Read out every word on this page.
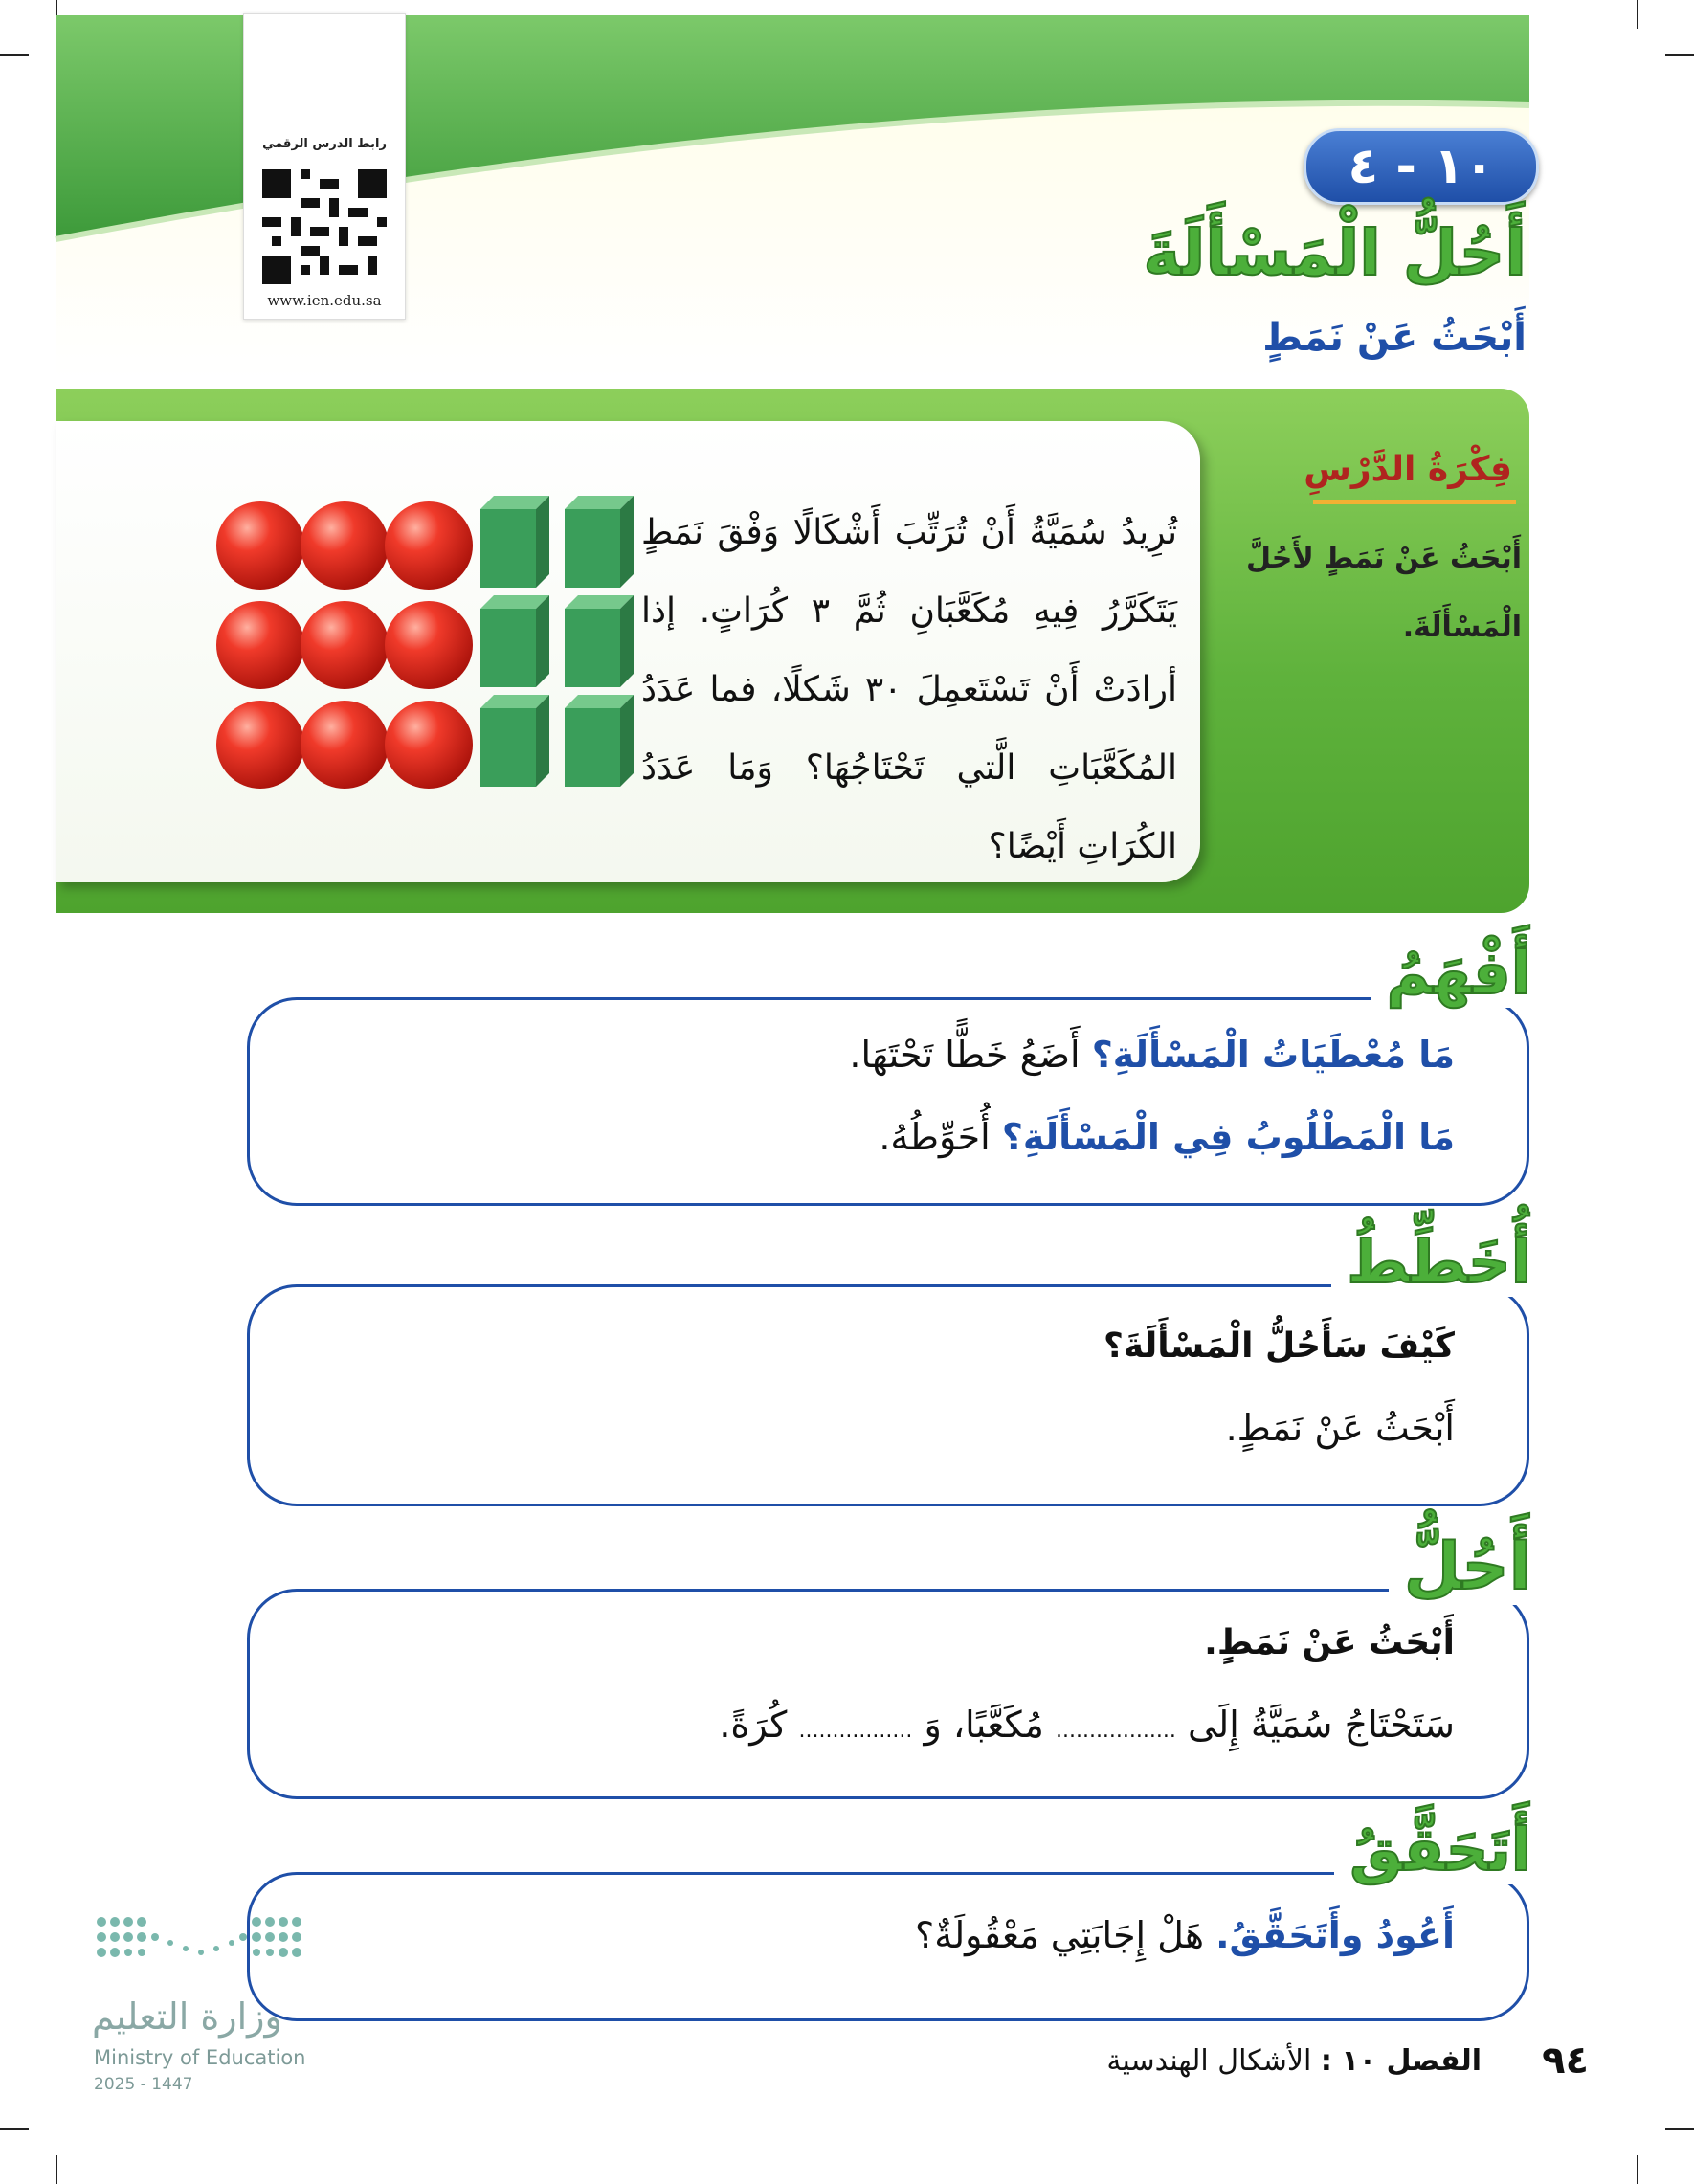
رابط الدرس الرقمي
www.ien.edu.sa
١٠ - ٤
أَحُلُّ الْمَسْأَلَةَ
أَبْحَثُ عَنْ نَمَطٍ
فِكْرَةُ الدَّرْسِ
أَبْحَثُ عَنْ نَمَطٍ لأَحُلَّ الْمَسْأَلَةَ.
تُرِيدُ سُمَيَّةُ أَنْ تُرَتِّبَ أَشْكَالًا وَفْقَ نَمَطٍ يَتَكَرَّرُ فِيهِ مُكَعَّبَانِ ثُمَّ ٣ كُرَاتٍ. إذا أرادَتْ أَنْ تَسْتَعمِلَ ٣٠ شَكلًا، فما عَدَدُ المُكَعَّبَاتِ الَّتي تَحْتَاجُهَا؟ وَمَا عَدَدُ الكُرَاتِ أَيْضًا؟
أَفْهَمُ
مَا مُعْطَيَاتُ الْمَسْأَلَةِ؟ أَضَعُ خَطًّا تَحْتَهَا.
مَا الْمَطْلُوبُ فِي الْمَسْأَلَةِ؟ أُحَوِّطُهُ.
أُخَطِّطُ
كَيْفَ سَأَحُلُّ الْمَسْأَلَةَ؟
أَبْحَثُ عَنْ نَمَطٍ.
أَحُلُّ
أَبْحَثُ عَنْ نَمَطٍ.
سَتَحْتَاجُ سُمَيَّةُ إِلَى .................. مُكَعَّبًا، وَ ................. كُرَةً.
أَتَحَقَّقُ
أَعُودُ وأَتَحَقَّقُ. هَلْ إِجَابَتِي مَعْقُولَةٌ؟
وزارة التعليم
Ministry of Education
2025 - 1447
٩٤
الفصل ١٠ : الأشكال الهندسية
